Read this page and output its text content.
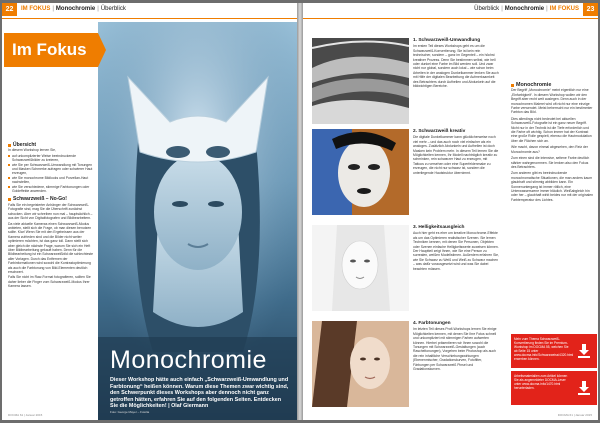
22	IM FOKUS | Monochromie | Überblick
Im Fokus
Übersicht

In diesem Workshop lernen Sie,

auf unkomplizierter Weise beeindruckende Schwarzweißbilder zu kreieren,
wie Sie per Schwarzweiß-Umwandlung mit Tonungen und Masken Schmerke aufragen oder schwierer Haut erzeugen,
wie Sie monochrome Bildlooks und Porzellan-Haut nachstellen,
wie Sie verschiedene, stimmige Farbtonungen oder Goldeffekte anwenden.
Schwarzweiß – No-Go!

Falls Sie ein begeisterter Anhänger der Schwarzweiß-Fotografie sind, mag Sie die Überschrift zunächst schocken. Aber wir schreiben nun mal – hauptsächlich – aus der Sicht von Digitalfotografen und Bildbearbeitern.

Da viele aktuelle Kameras einen Schwarzweiß-Modus anbieten, stellt sich die Frage, ob man diesen benutzen sollte. Klar! Wenn Sie mit den Ergebnissen aus der Kamera zufrieden sind und die Bilder nicht weiter optimieren möchten, ist das ganz toll. Dann stellt sich aber gleich die nächste Frage, warum Sie sich ein Heft über Bildbearbeitung gekauft haben. Denn für die Bildbearbeitung ist ein Schwarzweißbild die schlechteste aller Vorlagen. Durch das Entfernen der Farbinformationen wird sowohl die Kontrastoptimierung als auch die Farbtonung von Bild-Elementen deutlich erschwert.

Falls Sie nicht im Raw-Format fotografieren, sollten Sie daher lieber die Finger vom Schwarzweiß-Modus Ihrer Kamera lassen.

Monochromie
Dieser Workshop hätte auch einfach „Schwarzweiß-Umwandlung und Farbtonung“ heißen können. Warum diese Themen zwar wichtig sind, den Schwerpunkt dieses Workshops aber dennoch nicht ganz getroffen hätten, erfahren Sie auf den folgenden Seiten. Entdecken Sie die Möglichkeiten! | Olaf Giermann
Foto: George Mayer – Fotolia
DOCMA 61 | Januar 2015
Überblick | Monochromie | IM FOKUS	23
1. Schwarzweiß-Umwandlung

Im ersten Teil dieses Workshops geht es um die Schwarzweiß-Konvertierung. Sie ist kein rein technischer, sondern – ganz im Gegenteil – ein höchst kreativer Prozess. Denn Sie bestimmen selbst, wie hell oder dunkel eine Farbe im Bild werden soll. Und zwar nicht nur global, sondern auch lokal – wie schon beim Arbeiten in der analogen Dunkelkammer lenken Sie auch mit Hilfe der digitalen Bearbeitung die Aufmerksamkeit des Betrachters durch Aufhellen und Abdunkeln auf die bildwichtigen Bereiche.

2. Schwarzweiß kreativ

Die digitale Dunkelkammer kann glücklicherweise noch viel mehr – und das auch noch viel einfacher als ein analoges. Zusätzlich Abdunkeln und Aufhellen ist doch Masken kein Problem mehr. In diesem Teil lernen Sie die Möglichkeiten kennen, Ihr Modell nachträglich kreativ zu schminken, rein schwarzer Haut zu erzeugen, mit Tattoos zu versehen oder eine Superfeldenmake zu erzeugen, die nicht nur schwarz ist, sondern die unterliegende Hautstruktur übernimmt.

3. Helligkeitsausgleich

Auch hier geht es eher um kreative Monochrome-Effekte als um das Optimieren realistischer Szenen. Sie lernen Techniken kennen, mit denen Sie Personen, Objekten oder Szenen einfache Helligkeitswerte zuweisen können. Der Hauptteil zeigt Ihnen, wie Sie eine Person zu surrealen, weißen Modellstirnen. Außerdem erfahren Sie, wie Sie Schwarz zu Weiß und Weiß zu Schwarz machen – was dafür vorausgesetzt wird und was Sie dabei beachten müssen.

4. Farbtonungen

Im letzten Teil dieses Profi-Workshops lernen Sie einige Möglichkeiten kennen, mit denen Sie Ihre Fotos schnell und unkompliziert mit stimmigen Farben aufwerten können. Hierbei präsentieren wir Ihnen sowohl die Tonungen mit Schwarzweiß-Gestaltungen (auch Rascheltonungen), Vorgehen beim Photoshop als auch die rein inhaltliche Verschiebungswirkungen (Ebenenmischer, Gradationskurven, Fotofilter, Färbungen per Schwarzweiß Pinsel und Gradationskurven.

Monochromie

Der Begriff „Monochromie“ meint eigentlich nur eine „Einfarbigkeit“. In diesem Workshop wollen wir den Begriff aber recht weit auslegen. Denn auch in der monochromen Malerei wird oft nicht nur eine einzige Farbe verwendet. Meist beherrscht nur ein bestimmter Farbton das Bild.

Dies allerdings nicht bedeutet bei aktuellen Schwarzweiß-Fotografie ist ein ganz neuer Begriff. Nicht nur in der Technik ist die Tiefe erforderlich und die Farbe oft wichtig. Schon immer hat der Kontrast eine große Rolle gespielt, ebenso die Hautmodulation über die Flächen sich an.

Wie macht, davon einmal abgesehen, den Reiz der Monochromie aus?

Zum einen sind die intensive, seltene Farbe deutlich stärker wahrgenommen. Sie lenken also den Fokus des Betrachters.

Zum anderen gibt es beeindruckende monochromatische Situationen, die man anders kaum glaubhaft und stimmig abbilden kann. Ein Sonnenuntergang ist immer rötlich, eine Unterwasserszene immer bläulich. Weißabgleich hin oder her – glaubhaft wirkt beides nur mit der originalen Farbtemperatur des Lichtes.

Mehr zum Thema Schwarzweiß-Konvertierung finden Sie im Premium-Workshop im DOCMA 55, welchen Sie ab Seite 15 unter www.docma.info/Schwarzweiss/4320.html erwerben können.
Arbeitsmaterialien zum Artikel können Sie als angemeldeter DOCMA-Leser unter www.docma.info/1470.html herunterladen.
DOCMA 61 | Januar 2015
